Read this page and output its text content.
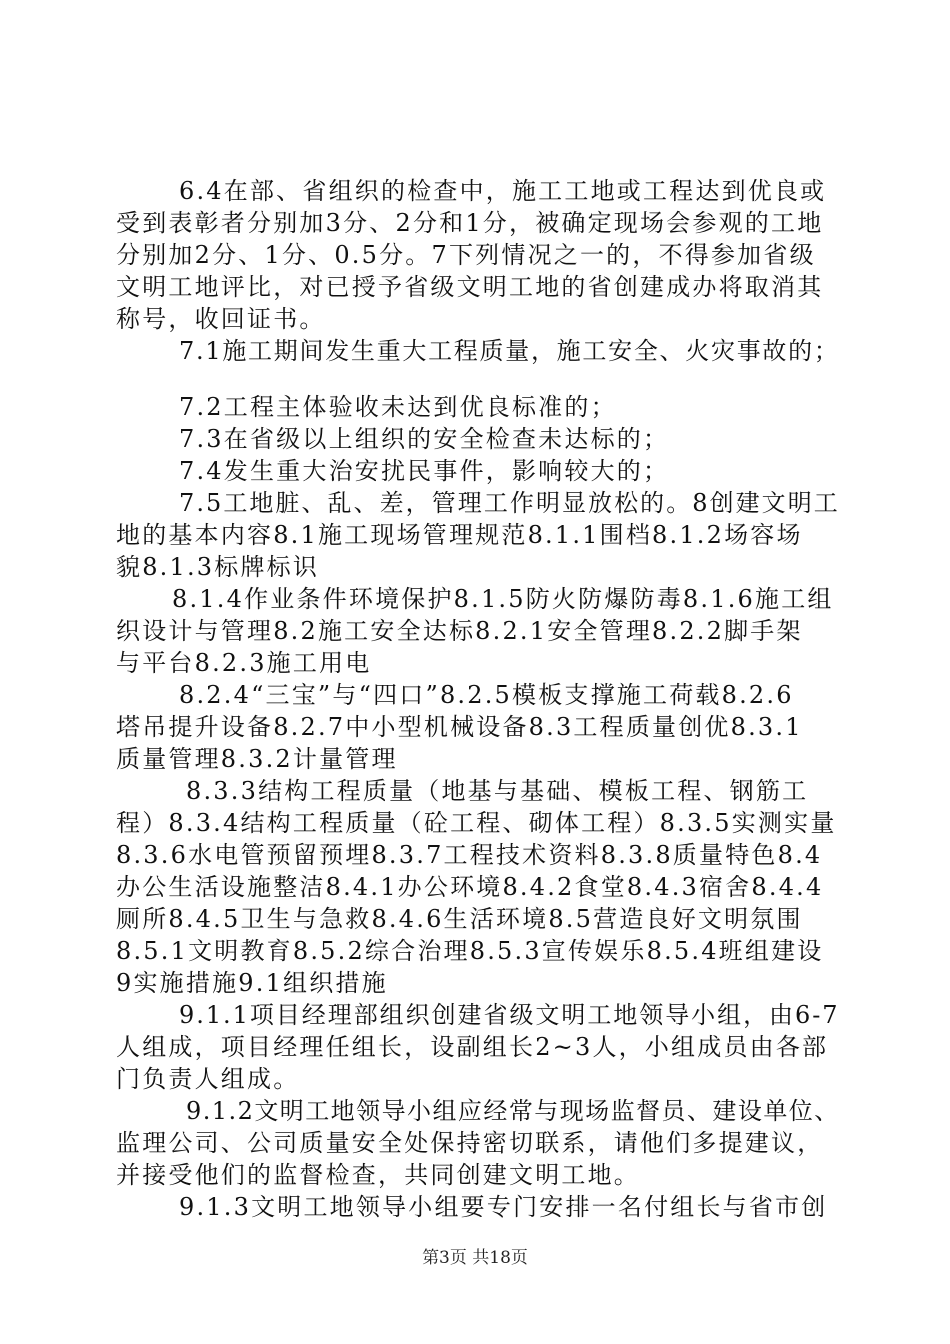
6.4在部、省组织的检查中，施工工地或工程达到优良或
受到表彰者分别加3分、2分和1分，被确定现场会参观的工地
分别加2分、1分、0.5分。7下列情况之一的，不得参加省级
文明工地评比，对已授予省级文明工地的省创建成办将取消其
称号，收回证书。
7.1施工期间发生重大工程质量，施工安全、火灾事故的；
7.2工程主体验收未达到优良标准的；
7.3在省级以上组织的安全检查未达标的；
7.4发生重大治安扰民事件，影响较大的；
7.5工地脏、乱、差，管理工作明显放松的。8创建文明工
地的基本内容8.1施工现场管理规范8.1.1围档8.1.2场容场
貌8.1.3标牌标识
8.1.4作业条件环境保护8.1.5防火防爆防毒8.1.6施工组
织设计与管理8.2施工安全达标8.2.1安全管理8.2.2脚手架
与平台8.2.3施工用电
8.2.4“三宝”与“四口”8.2.5模板支撑施工荷载8.2.6
塔吊提升设备8.2.7中小型机械设备8.3工程质量创优8.3.1
质量管理8.3.2计量管理
8.3.3结构工程质量（地基与基础、模板工程、钢筋工
程）8.3.4结构工程质量（砼工程、砌体工程）8.3.5实测实量
8.3.6水电管预留预埋8.3.7工程技术资料8.3.8质量特色8.4
办公生活设施整洁8.4.1办公环境8.4.2食堂8.4.3宿舍8.4.4
厕所8.4.5卫生与急救8.4.6生活环境8.5营造良好文明氛围
8.5.1文明教育8.5.2综合治理8.5.3宣传娱乐8.5.4班组建设
9实施措施9.1组织措施
9.1.1项目经理部组织创建省级文明工地领导小组，由6-7
人组成，项目经理任组长，设副组长2~3人，小组成员由各部
门负责人组成。
9.1.2文明工地领导小组应经常与现场监督员、建设单位、
监理公司、公司质量安全处保持密切联系，请他们多提建议，
并接受他们的监督检查，共同创建文明工地。
9.1.3文明工地领导小组要专门安排一名付组长与省市创
第3页 共18页
